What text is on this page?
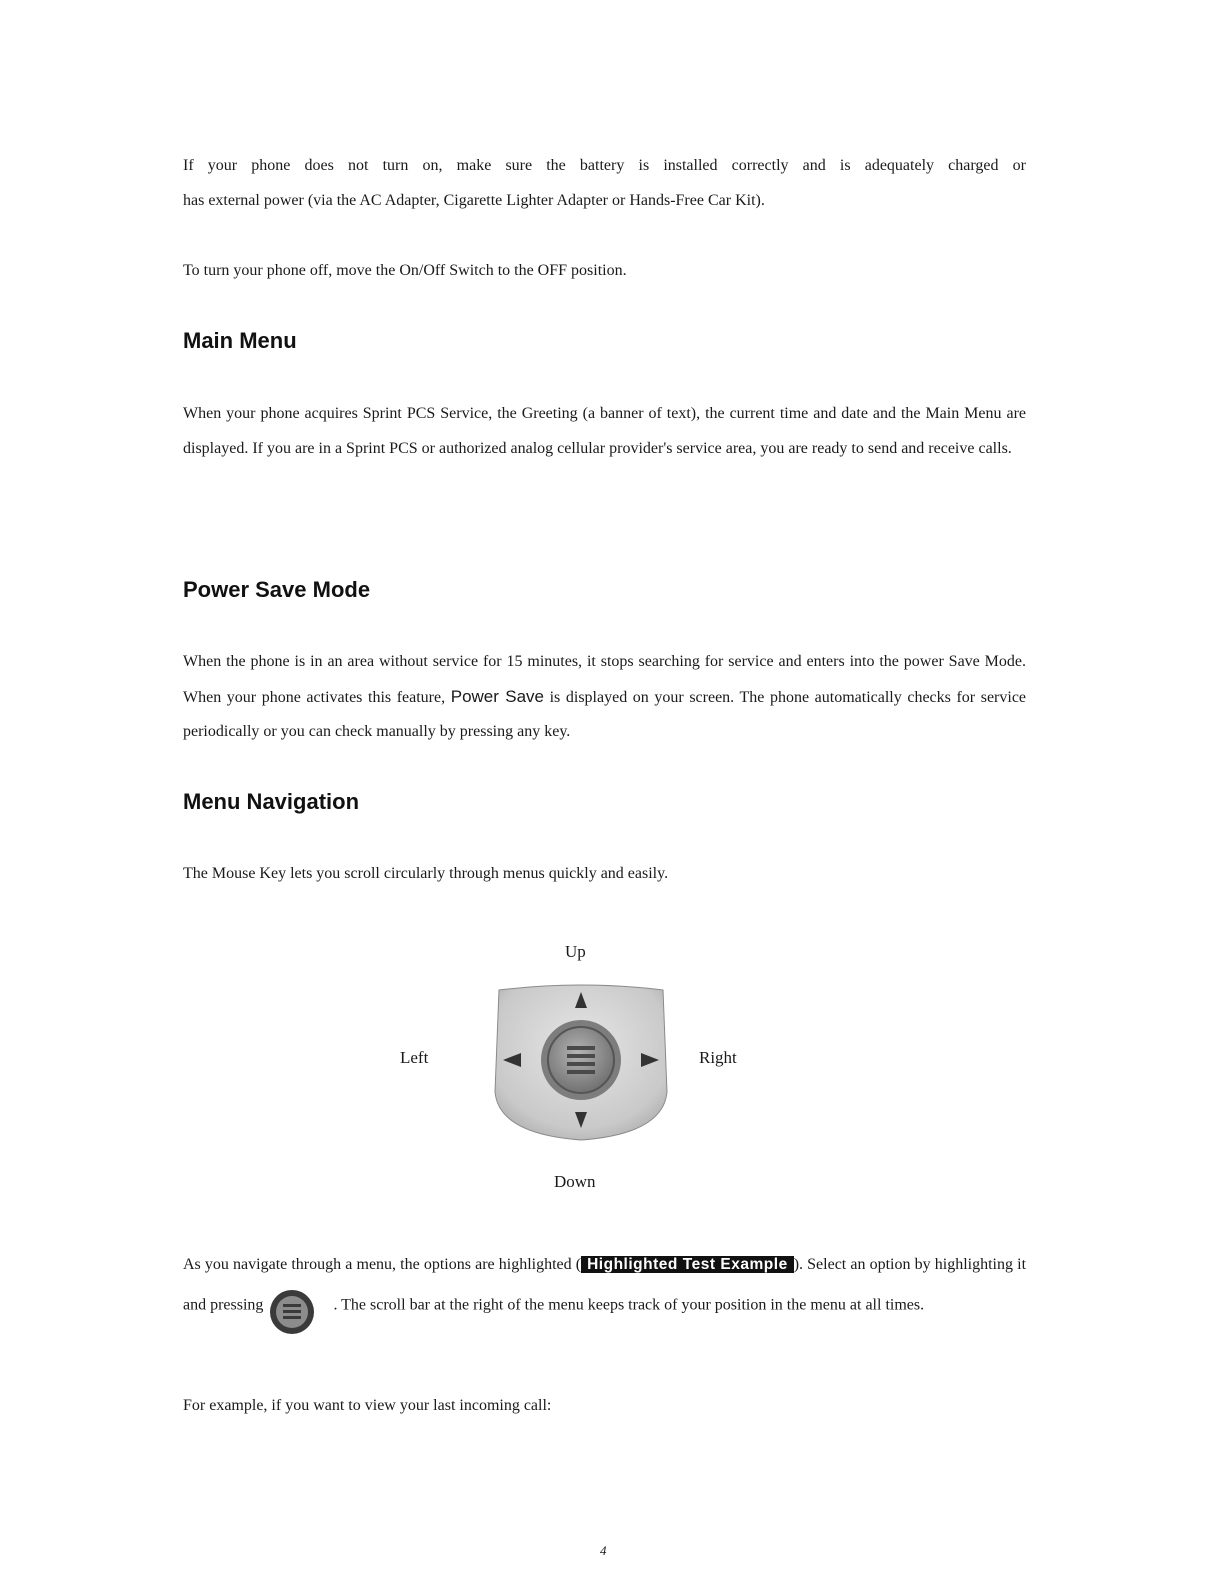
If your phone does not turn on, make sure the battery is installed correctly and is adequately charged or

has external power (via the AC Adapter, Cigarette Lighter Adapter or Hands-Free Car Kit).

To turn your phone off, move the On/Off Switch to the OFF position.

Main Menu

When your phone acquires Sprint PCS Service, the Greeting (a banner of text), the current time and date and the Main Menu are displayed. If you are in a Sprint PCS or authorized analog cellular provider's service area, you are ready to send and receive calls.

Power Save Mode

When the phone is in an area without service for 15 minutes, it stops searching for service and enters into the power Save Mode. When your phone activates this feature, Power Save is displayed on your screen. The phone automatically checks for service periodically or you can check manually by pressing any key.

Menu Navigation

The Mouse Key lets you scroll circularly through menus quickly and easily.

Up
Left	Right
Down

As you navigate through a menu, the options are highlighted ( Highlighted Test Example ). Select an option by highlighting it and pressing	. The scroll bar at the right of the menu keeps track of your position in the menu at all times.

For example, if you want to view your last incoming call:

4
